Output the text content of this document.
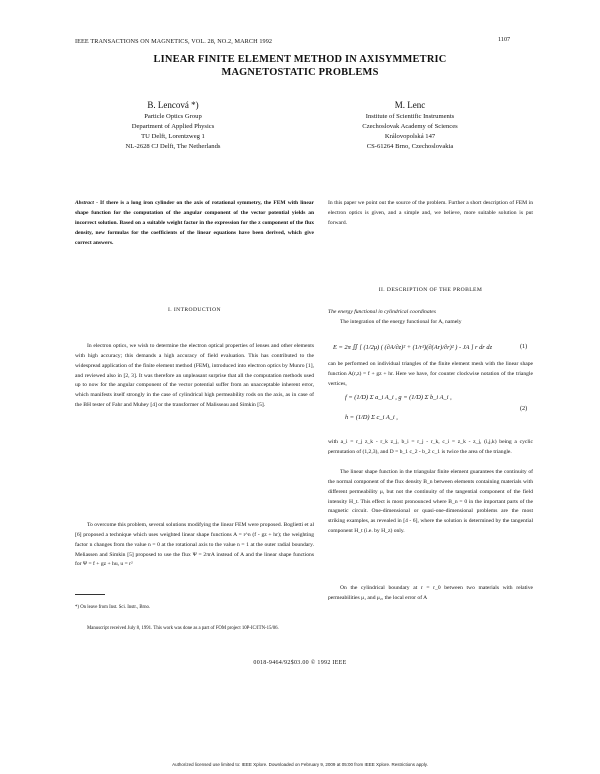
IEEE TRANSACTIONS ON MAGNETICS, VOL. 28, NO.2, MARCH 1992	1107
LINEAR FINITE ELEMENT METHOD IN AXISYMMETRIC
MAGNETOSTATIC PROBLEMS
B. Lencová *)
Particle Optics Group
Department of Applied Physics
TU Delft, Lorentzweg 1
NL-2628 CJ Delft, The Netherlands
M. Lenc
Institute of Scientific Instruments
Czechoslovak Academy of Sciences
Královopolská 147
CS-61264 Brno, Czechoslovakia
Abstract - If there is a long iron cylinder on the axis of rotational symmetry, the FEM with linear shape function for the computation of the angular component of the vector potential yields an incorrect solution. Based on a suitable weight factor in the expression for the z component of the flux density, new formulas for the coefficients of the linear equations have been derived, which give correct answers.
I. INTRODUCTION
In electron optics, we wish to determine the electron optical properties of lenses and other elements with high accuracy; this demands a high accuracy of field evaluation. This has contributed to the widespread application of the finite element method (FEM), introduced into electron optics by Munro [1], and reviewed also in [2, 3]. It was therefore an unpleasant surprise that all the computation methods used up to now for the angular component of the vector potential suffer from an unacceptable inherent error, which manifests itself strongly in the case of cylindrical high permeability rods on the axis, as in case of the BH tester of Fahr and Muhey [4] or the transformer of Malisseau and Simkin [5].
To overcome this problem, several solutions modifying the linear FEM were proposed. Boglietti et al [6] proposed a technique which uses weighted linear shape functions A = r^n (f - gz + hr); the weighting factor n changes from the value n = 0 at the rotational axis to the value n = 1 at the outer radial boundary. Meliassen and Simkin [5] proposed to use the flux Ψ = 2πrA instead of A and the linear shape functions for Ψ = f + gz + hu, u = r²
*) On leave from Inst. Sci. Instr., Brno.
Manuscript received July 8, 1991. This work was done as a part of FOM project 10P-IC/ITN-15/06.
In this paper we point out the source of the problem. Further a short description of FEM in electron optics is given, and a simple and, we believe, more suitable solution is put forward.
II. DESCRIPTION OF THE PROBLEM
The energy functional in cylindrical coordinates
The integration of the energy functional for A, namely
E = 2π ∬ [ (1/2μ) ( (∂A/∂z)² + (1/r²)(∂(Ar)/∂r)² ) - JA ] r dr dz	(1)
can be performed on individual triangles of the finite element mesh with the linear shape function A(r,z) = f + gz + hr. Here we have, for counter clockwise notation of the triangle vertices,
f = (1/D) Σ a_i A_i , g = (1/D) Σ b_i A_i ,
h = (1/D) Σ c_i A_i ,
(2)
with a_i = r_j z_k - r_k z_j, b_i = r_j - r_k, c_i = z_k - z_j, (i,j,k) being a cyclic permutation of (1,2,3), and D = b_1 c_2 - b_2 c_1 is twice the area of the triangle.
The linear shape function in the triangular finite element guarantees the continuity of the normal component of the flux density B_n between elements containing materials with different permeability μ, but not the continuity of the tangential component of the field intensity H_t. This effect is most pronounced where B_n = 0 in the important parts of the magnetic circuit. One-dimensional or quasi-one-dimensional problems are the most striking examples, as revealed in [4 - 6], where the solution is determined by the tangential component H_t (i.e. by H_z) only.
On the cylindrical boundary at r = r_0 between two materials with relative permeabilities μ₁ and μ₂, the local error of A
0018-9464/92$03.00 © 1992 IEEE
Authorized licensed use limited to: IEEE Xplore. Downloaded on February 9, 2009 at 05:00 from IEEE Xplore. Restrictions apply.
